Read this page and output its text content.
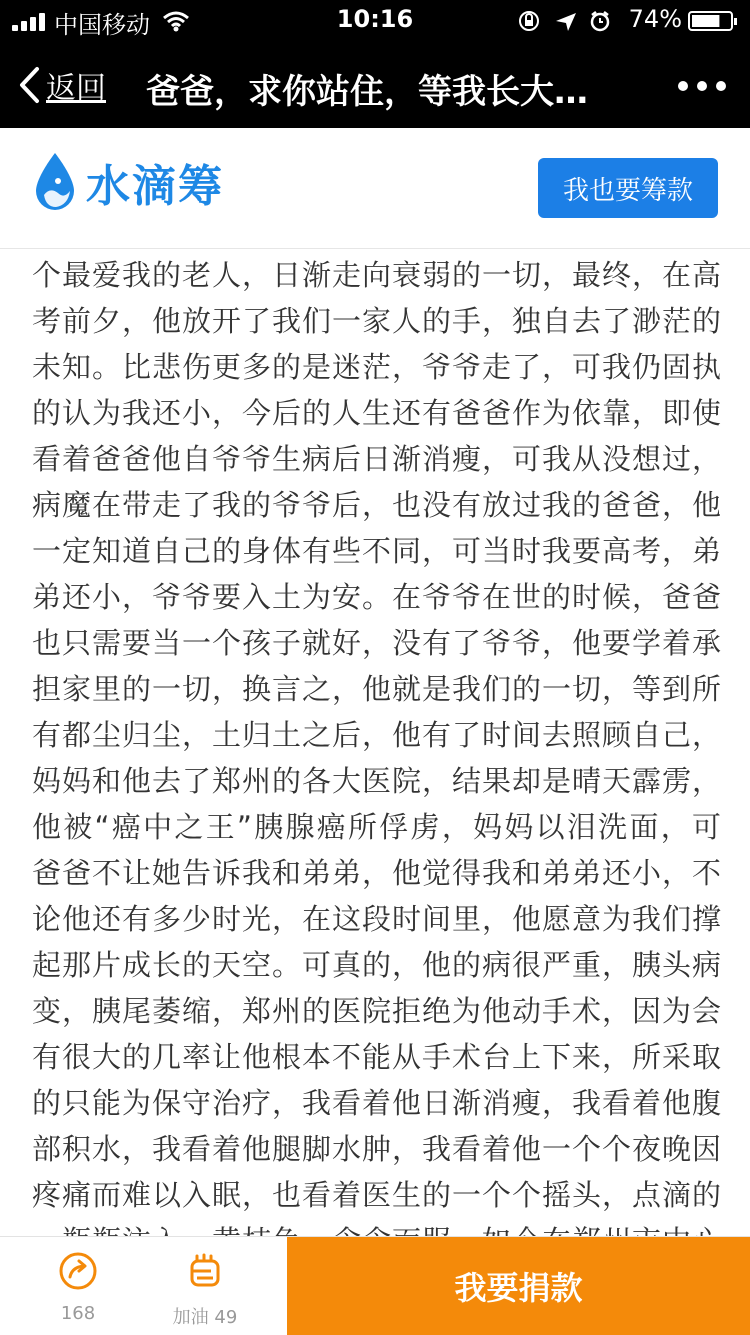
中国移动	10:16	74%
返回 爸爸，求你站住，等我长大…
水滴筹	我也要筹款

个最爱我的老人，日渐走向衰弱的一切，最终，在高考前夕，他放开了我们一家人的手，独自去了渺茫的未知。比悲伤更多的是迷茫，爷爷走了，可我仍固执的认为我还小，今后的人生还有爸爸作为依靠，即使看着爸爸他自爷爷生病后日渐消瘦，可我从没想过，病魔在带走了我的爷爷后，也没有放过我的爸爸，他一定知道自己的身体有些不同，可当时我要高考，弟弟还小，爷爷要入土为安。在爷爷在世的时候，爸爸也只需要当一个孩子就好，没有了爷爷，他要学着承担家里的一切，换言之，他就是我们的一切，等到所有都尘归尘，土归土之后，他有了时间去照顾自己，妈妈和他去了郑州的各大医院，结果却是晴天霹雳，他被“癌中之王”胰腺癌所俘虏，妈妈以泪洗面，可爸爸不让她告诉我和弟弟，他觉得我和弟弟还小，不论他还有多少时光，在这段时间里，他愿意为我们撑起那片成长的天空。可真的，他的病很严重，胰头病变，胰尾萎缩，郑州的医院拒绝为他动手术，因为会有很大的几率让他根本不能从手术台上下来，所采取的只能为保守治疗，我看着他日渐消瘦，我看着他腹部积水，我看着他腿脚水肿，我看着他一个个夜晚因疼痛而难以入眠，也看着医生的一个个摇头，点滴的

168	加油 49
我要捐款
